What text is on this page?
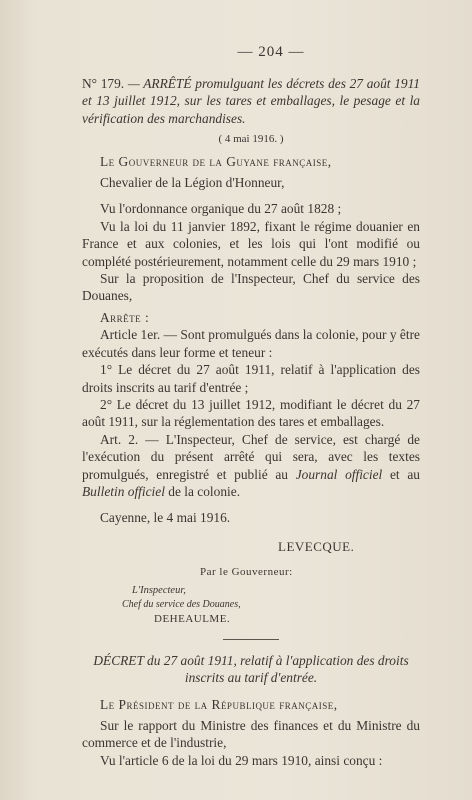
— 204 —

N° 179. — ARRÊTÉ promulguant les décrets des 27 août 1911 et 13 juillet 1912, sur les tares et emballages, le pesage et la vérification des marchandises.

( 4 mai 1916. )

Le Gouverneur de la Guyane française,

Chevalier de la Légion d'Honneur,

Vu l'ordonnance organique du 27 août 1828 ;

Vu la loi du 11 janvier 1892, fixant le régime douanier en France et aux colonies, et les lois qui l'ont modifié ou complété postérieurement, notamment celle du 29 mars 1910 ;

Sur la proposition de l'Inspecteur, Chef du service des Douanes,

Arrête :

Article 1er. — Sont promulgués dans la colonie, pour y être exécutés dans leur forme et teneur :

1° Le décret du 27 août 1911, relatif à l'application des droits inscrits au tarif d'entrée ;

2° Le décret du 13 juillet 1912, modifiant le décret du 27 août 1911, sur la réglementation des tares et emballages.

Art. 2. — L'Inspecteur, Chef de service, est chargé de l'exécution du présent arrêté qui sera, avec les textes promulgués, enregistré et publié au Journal officiel et au Bulletin officiel de la colonie.

Cayenne, le 4 mai 1916.

LEVECQUE.
Par le Gouverneur:
L'Inspecteur,
Chef du service des Douanes,
DEHEAULME.

DÉCRET du 27 août 1911, relatif à l'application des droits inscrits au tarif d'entrée.

Le Président de la République française,

Sur le rapport du Ministre des finances et du Ministre du commerce et de l'industrie,

Vu l'article 6 de la loi du 29 mars 1910, ainsi conçu :
